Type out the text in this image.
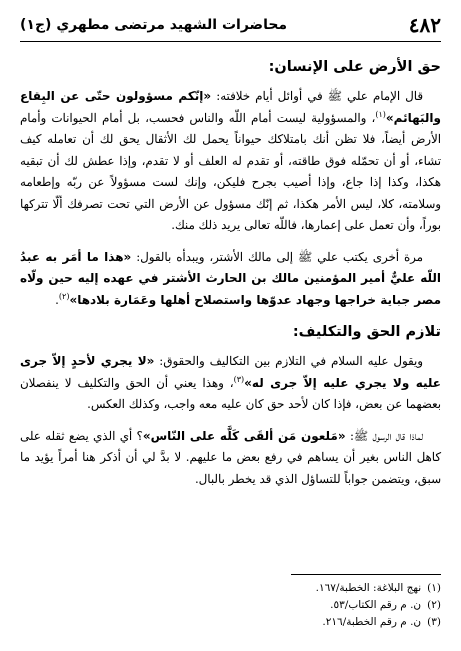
٤٨٢
محاضرات الشهيد مرتضى مطهري (ج١)
حق الأرض على الإنسان:

قال الإمام علي ﷺ في أوائل أيام خلافته: «إنّكم مسؤولون حتّى عن البِقاع والبَهائم»$^{(١)}$، والمسؤولية ليست أمام اللّه والناس فحسب، بل أمام الحيوانات وأمام الأرض أيضاً، فلا تظن أنك بامتلاكك حيواناً يحمل لك الأثقال يحق لك أن تعامله كيف تشاء، أو أن تحمّله فوق طاقته، أو تقدم له العلف أو لا تقدم، وإذا عطش لك أن تبقيه هكذا، وكذا إذا جاع، وإذا أصيب بجرح فليكن، وإنك لست مسؤولاً عن ربّه وإطعامه وسلامته، كلا، ليس الأمر هكذا، ثم إنّك مسؤول عن الأرض التي تحت تصرفك ألّا تتركها بوراً، وأن تعمل على إعمارها، فاللّه تعالى يريد ذلك منك.

مرة أخرى يكتب علي ﷺ إلى مالك الأشتر، ويبدأه بالقول: «هذا ما أمَر به عبدُ اللّه عليٌّ أمير المؤمنين مالك بن الحارث الأشتر في عهده إليه حين ولّاه مصر جباية خراجها وجهاد عدوّها واستصلاح أهلها وعَمَارة بلادها»$^{(٢)}$.

تلازم الحق والتكليف:

ويقول عليه السلام في التلازم بين التكاليف والحقوق: «لا يجري لأحدٍ إلاّ جرى عليه ولا يجري عليه إلاّ جرى له»$^{(٣)}$، وهذا يعني أن الحق والتكليف لا ينفصلان بعضهما عن بعض، فإذا كان لأحد حق كان عليه معه واجب، وكذلك العكس.

لماذا قال الرسول ﷺ: «مَلعون مَن ألقَى كَلَّه على النّاس»؟ أي الذي يضع ثقله على كاهل الناس بغير أن يساهم في رفع بعض ما عليهم. لا بدَّ لي أن أذكر هنا أمراً يؤيد ما سبق، ويتضمن جواباً للتساؤل الذي قد يخطر بالبال.

(١)
نهج البلاغة: الخطبة/١٦٧.
(٢)
ن. م رقم الكتاب/٥٣.
(٣)
ن. م رقم الخطبة/٢١٦.
